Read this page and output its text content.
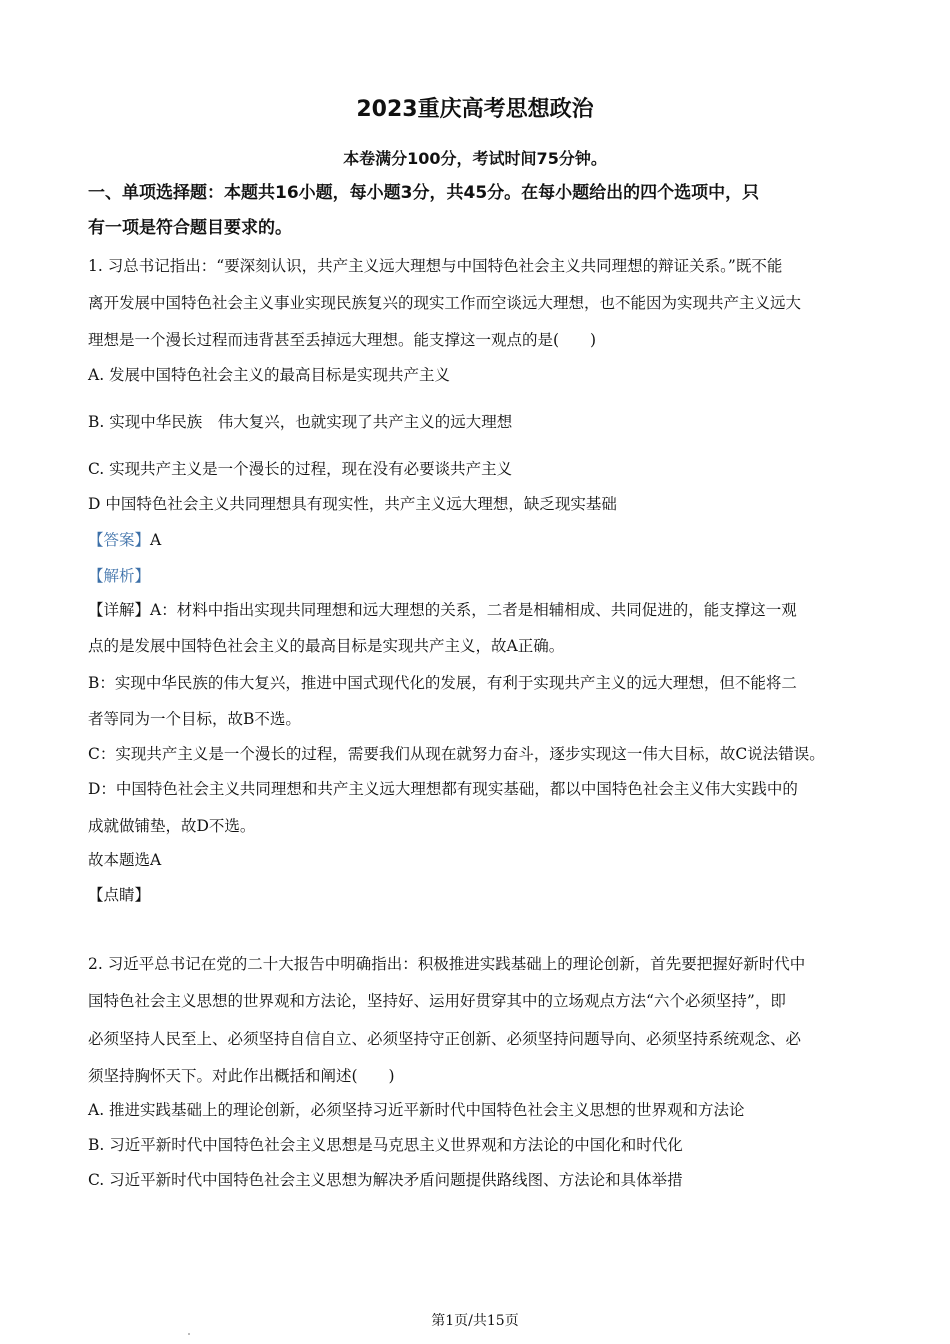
2023重庆高考思想政治
本卷满分100分，考试时间75分钟。
一、单项选择题：本题共16小题，每小题3分，共45分。在每小题给出的四个选项中，只
有一项是符合题目要求的。
1. 习总书记指出：“要深刻认识，共产主义远大理想与中国特色社会主义共同理想的辩证关系。”既不能
离开发展中国特色社会主义事业实现民族复兴的现实工作而空谈远大理想，也不能因为实现共产主义远大
理想是一个漫长过程而违背甚至丢掉远大理想。能支撑这一观点的是(　　)
A. 发展中国特色社会主义的最高目标是实现共产主义
B. 实现中华民族　伟大复兴，也就实现了共产主义的远大理想
C. 实现共产主义是一个漫长的过程，现在没有必要谈共产主义
D 中国特色社会主义共同理想具有现实性，共产主义远大理想，缺乏现实基础
【答案】A
【解析】
【详解】A：材料中指出实现共同理想和远大理想的关系，二者是相辅相成、共同促进的，能支撑这一观
点的是发展中国特色社会主义的最高目标是实现共产主义，故A正确。
B：实现中华民族的伟大复兴，推进中国式现代化的发展，有利于实现共产主义的远大理想，但不能将二
者等同为一个目标，故B不选。
C：实现共产主义是一个漫长的过程，需要我们从现在就努力奋斗，逐步实现这一伟大目标，故C说法错误。
D：中国特色社会主义共同理想和共产主义远大理想都有现实基础，都以中国特色社会主义伟大实践中的
成就做铺垫，故D不选。
故本题选A
【点睛】
2. 习近平总书记在党的二十大报告中明确指出：积极推进实践基础上的理论创新，首先要把握好新时代中
国特色社会主义思想的世界观和方法论，坚持好、运用好贯穿其中的立场观点方法“六个必须坚持”，即
必须坚持人民至上、必须坚持自信自立、必须坚持守正创新、必须坚持问题导向、必须坚持系统观念、必
须坚持胸怀天下。对此作出概括和阐述(　　)
A. 推进实践基础上的理论创新，必须坚持习近平新时代中国特色社会主义思想的世界观和方法论
B. 习近平新时代中国特色社会主义思想是马克思主义世界观和方法论的中国化和时代化
C. 习近平新时代中国特色社会主义思想为解决矛盾问题提供路线图、方法论和具体举措
第1页/共15页
